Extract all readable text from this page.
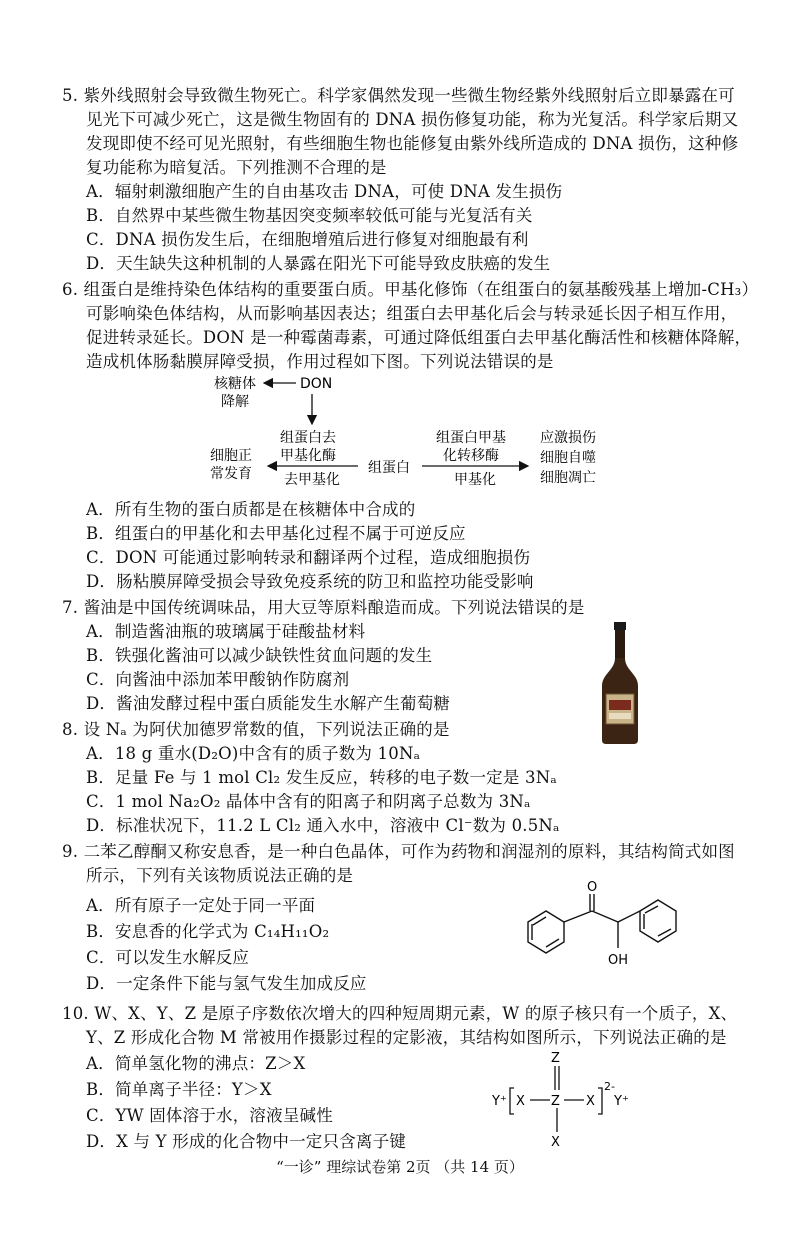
5. 紫外线照射会导致微生物死亡。科学家偶然发现一些微生物经紫外线照射后立即暴露在可
见光下可减少死亡，这是微生物固有的 DNA 损伤修复功能，称为光复活。科学家后期又
发现即使不经可见光照射，有些细胞生物也能修复由紫外线所造成的 DNA 损伤，这种修
复功能称为暗复活。下列推测不合理的是
A．辐射刺激细胞产生的自由基攻击 DNA，可使 DNA 发生损伤
B．自然界中某些微生物基因突变频率较低可能与光复活有关
C．DNA 损伤发生后，在细胞增殖后进行修复对细胞最有利
D．天生缺失这种机制的人暴露在阳光下可能导致皮肤癌的发生
6. 组蛋白是维持染色体结构的重要蛋白质。甲基化修饰（在组蛋白的氨基酸残基上增加-CH₃）
可影响染色体结构，从而影响基因表达；组蛋白去甲基化后会与转录延长因子相互作用，
促进转录延长。DON 是一种霉菌毒素，可通过降低组蛋白去甲基化酶活性和核糖体降解，
造成机体肠黏膜屏障受损，作用过程如下图。下列说法错误的是
核糖体
降解
DON
组蛋白去
甲基化酶
去甲基化
细胞正
常发育	组蛋白
组蛋白甲基
化转移酶
甲基化
应激损伤
细胞自噬
细胞凋亡
A．所有生物的蛋白质都是在核糖体中合成的
B．组蛋白的甲基化和去甲基化过程不属于可逆反应
C．DON 可能通过影响转录和翻译两个过程，造成细胞损伤
D．肠粘膜屏障受损会导致免疫系统的防卫和监控功能受影响
7. 酱油是中国传统调味品，用大豆等原料酿造而成。下列说法错误的是
A．制造酱油瓶的玻璃属于硅酸盐材料
B．铁强化酱油可以减少缺铁性贫血问题的发生
C．向酱油中添加苯甲酸钠作防腐剂
D．酱油发酵过程中蛋白质能发生水解产生葡萄糖
8. 设 Nₐ 为阿伏加德罗常数的值，下列说法正确的是
A．18 g 重水(D₂O)中含有的质子数为 10Nₐ
B．足量 Fe 与 1 mol Cl₂ 发生反应，转移的电子数一定是 3Nₐ
C．1 mol Na₂O₂ 晶体中含有的阳离子和阴离子总数为 3Nₐ
D．标准状况下，11.2 L Cl₂ 通入水中，溶液中 Cl⁻数为 0.5Nₐ
9. 二苯乙醇酮又称安息香，是一种白色晶体，可作为药物和润湿剂的原料，其结构简式如图
所示，下列有关该物质说法正确的是
A．所有原子一定处于同一平面
B．安息香的化学式为 C₁₄H₁₁O₂
C．可以发生水解反应
D．一定条件下能与氢气发生加成反应
O
OH
10. W、X、Y、Z 是原子序数依次增大的四种短周期元素，W 的原子核只有一个质子，X、
Y、Z 形成化合物 M 常被用作摄影过程的定影液，其结构如图所示，下列说法正确的是
A．简单氢化物的沸点：Z＞X
B．简单离子半径：Y＞X
C．YW 固体溶于水，溶液呈碱性
D．X 与 Y 形成的化合物中一定只含离子键
Z
Y⁺ X Z X
2-
Y⁺
X
“一诊” 理综试卷第 2页 （共 14 页）
